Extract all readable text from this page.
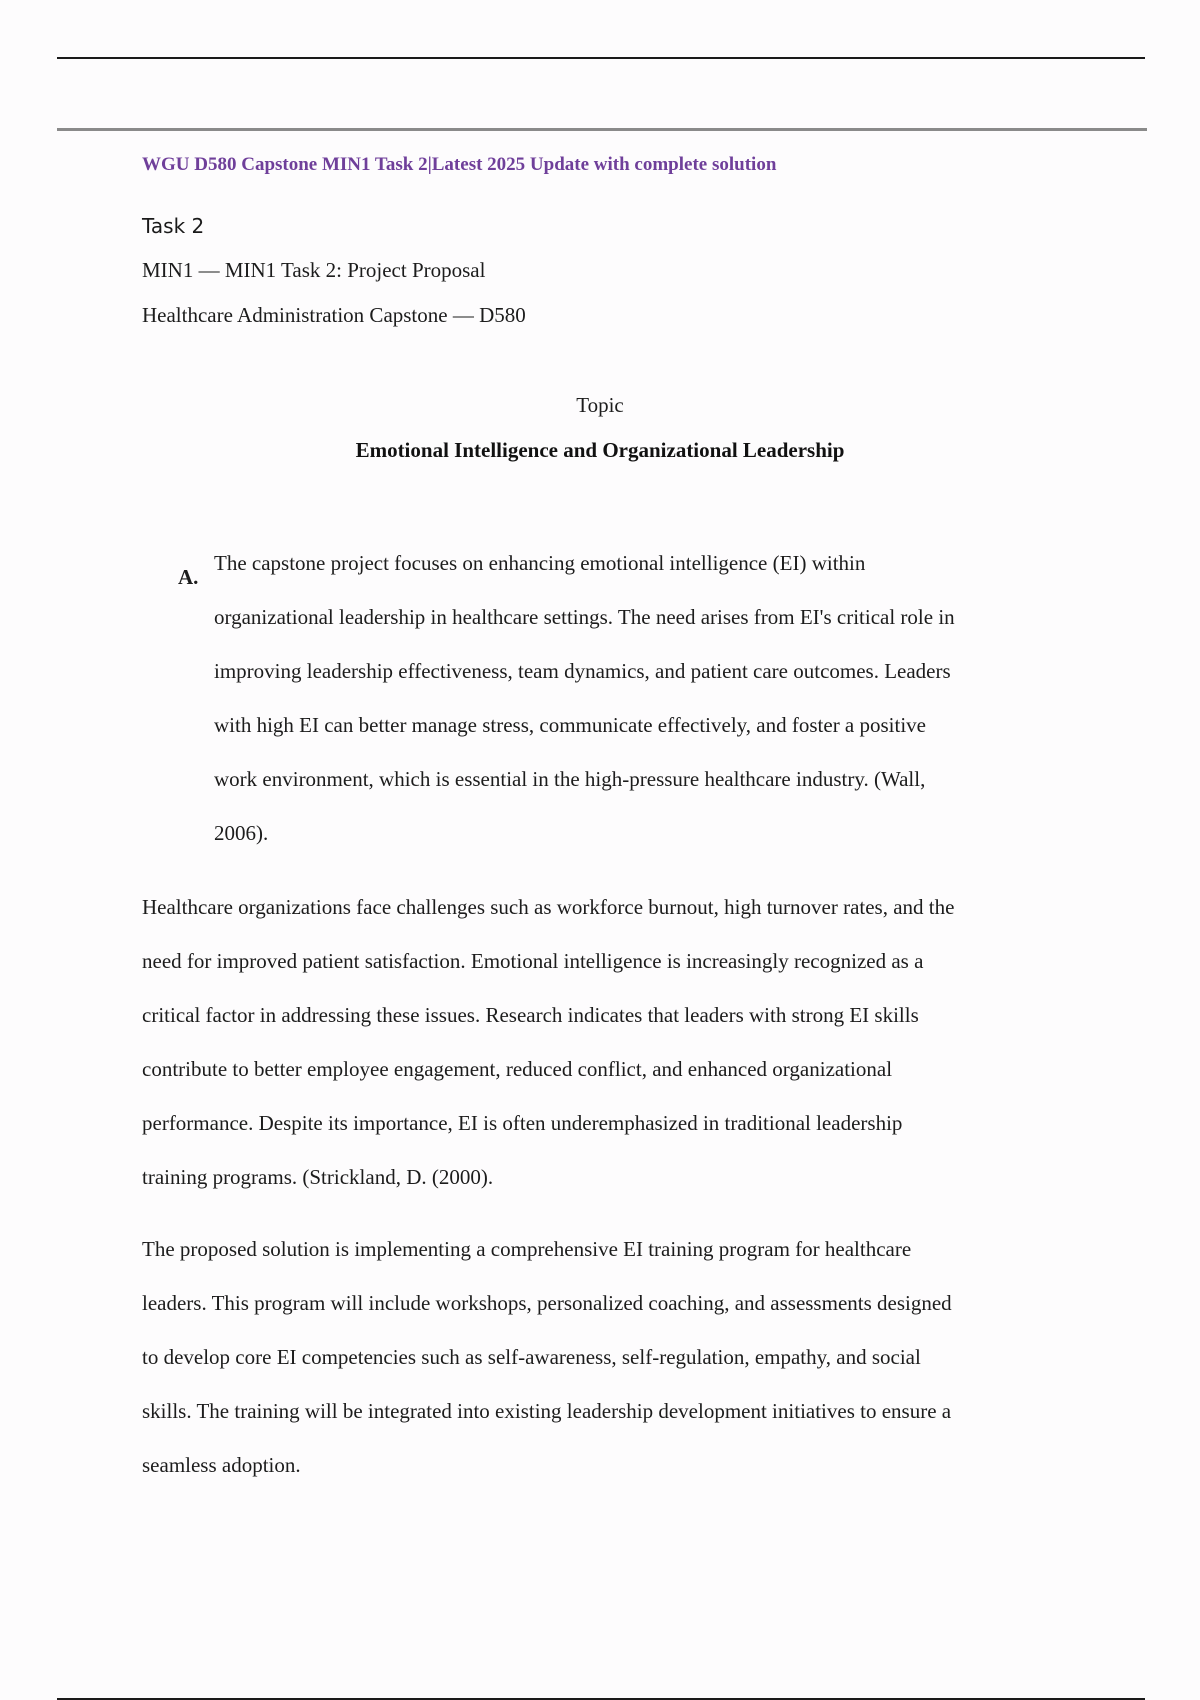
WGU D580 Capstone MIN1 Task 2|Latest 2025 Update with complete solution
Task 2
MIN1 — MIN1 Task 2: Project Proposal
Healthcare Administration Capstone — D580
Topic
Emotional Intelligence and Organizational Leadership
A.
The capstone project focuses on enhancing emotional intelligence (EI) within
organizational leadership in healthcare settings. The need arises from EI's critical role in
improving leadership effectiveness, team dynamics, and patient care outcomes. Leaders
with high EI can better manage stress, communicate effectively, and foster a positive
work environment, which is essential in the high-pressure healthcare industry. (Wall,
2006).
Healthcare organizations face challenges such as workforce burnout, high turnover rates, and the
need for improved patient satisfaction. Emotional intelligence is increasingly recognized as a
critical factor in addressing these issues. Research indicates that leaders with strong EI skills
contribute to better employee engagement, reduced conflict, and enhanced organizational
performance. Despite its importance, EI is often underemphasized in traditional leadership
training programs. (Strickland, D. (2000).
The proposed solution is implementing a comprehensive EI training program for healthcare
leaders. This program will include workshops, personalized coaching, and assessments designed
to develop core EI competencies such as self-awareness, self-regulation, empathy, and social
skills. The training will be integrated into existing leadership development initiatives to ensure a
seamless adoption.
